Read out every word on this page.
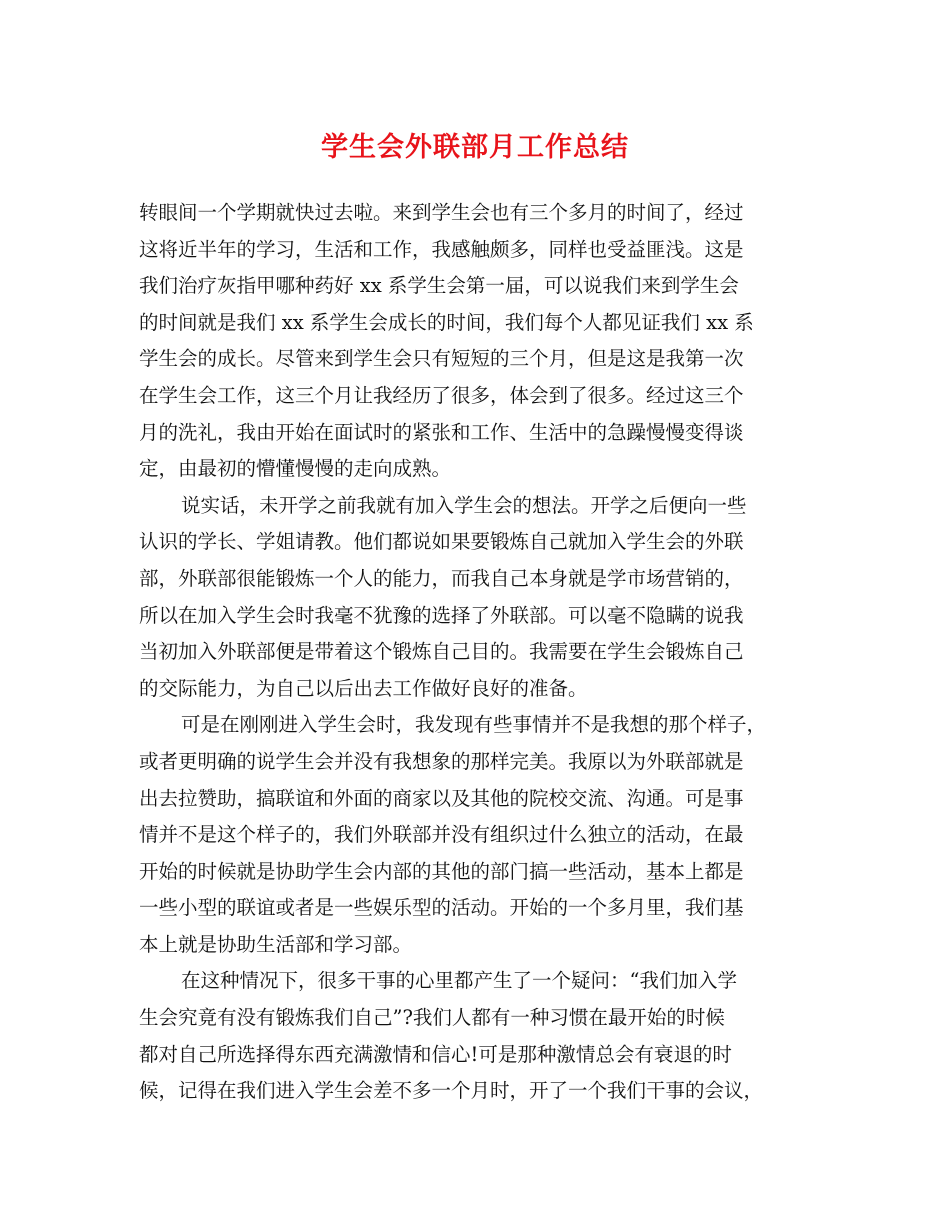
学生会外联部月工作总结
转眼间一个学期就快过去啦。来到学生会也有三个多月的时间了，经过
这将近半年的学习，生活和工作，我感触颇多，同样也受益匪浅。这是
我们治疗灰指甲哪种药好 xx 系学生会第一届，可以说我们来到学生会
的时间就是我们 xx 系学生会成长的时间，我们每个人都见证我们 xx 系
学生会的成长。尽管来到学生会只有短短的三个月，但是这是我第一次
在学生会工作，这三个月让我经历了很多，体会到了很多。经过这三个
月的洗礼，我由开始在面试时的紧张和工作、生活中的急躁慢慢变得谈
定，由最初的懵懂慢慢的走向成熟。
说实话，未开学之前我就有加入学生会的想法。开学之后便向一些
认识的学长、学姐请教。他们都说如果要锻炼自己就加入学生会的外联
部，外联部很能锻炼一个人的能力，而我自己本身就是学市场营销的，
所以在加入学生会时我毫不犹豫的选择了外联部。可以毫不隐瞒的说我
当初加入外联部便是带着这个锻炼自己目的。我需要在学生会锻炼自己
的交际能力，为自己以后出去工作做好良好的准备。
可是在刚刚进入学生会时，我发现有些事情并不是我想的那个样子，
或者更明确的说学生会并没有我想象的那样完美。我原以为外联部就是
出去拉赞助，搞联谊和外面的商家以及其他的院校交流、沟通。可是事
情并不是这个样子的，我们外联部并没有组织过什么独立的活动，在最
开始的时候就是协助学生会内部的其他的部门搞一些活动，基本上都是
一些小型的联谊或者是一些娱乐型的活动。开始的一个多月里，我们基
本上就是协助生活部和学习部。
在这种情况下，很多干事的心里都产生了一个疑问：“我们加入学
生会究竟有没有锻炼我们自己”?我们人都有一种习惯在最开始的时候
都对自己所选择得东西充满激情和信心!可是那种激情总会有衰退的时
候，记得在我们进入学生会差不多一个月时，开了一个我们干事的会议，
